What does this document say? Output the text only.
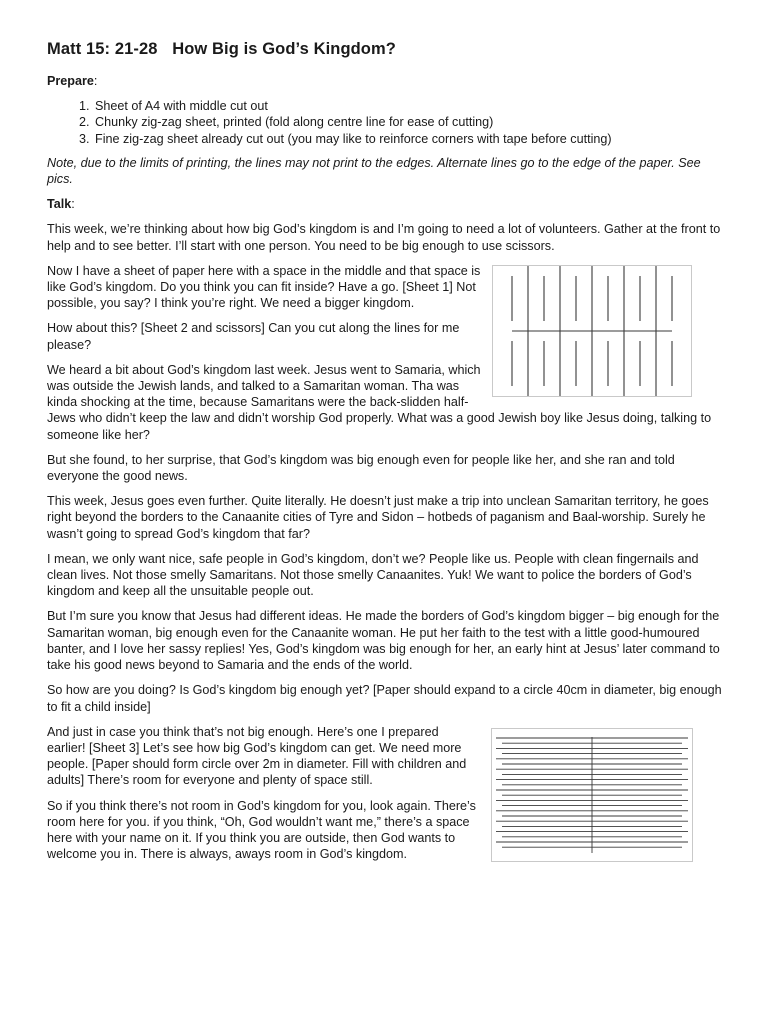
Matt 15: 21-28 How Big is God’s Kingdom?

Prepare:

1. Sheet of A4 with middle cut out
2. Chunky zig-zag sheet, printed (fold along centre line for ease of cutting)
3. Fine zig-zag sheet already cut out (you may like to reinforce corners with tape before cutting)

Note, due to the limits of printing, the lines may not print to the edges. Alternate lines go to the edge of the paper. See pics.

Talk:

This week, we’re thinking about how big God’s kingdom is and I’m going to need a lot of volunteers. Gather at the front to help and to see better. I’ll start with one person. You need to be big enough to use scissors.

Now I have a sheet of paper here with a space in the middle and that space is like God’s kingdom. Do you think you can fit inside? Have a go. [Sheet 1] Not possible, you say? I think you’re right. We need a bigger kingdom.

How about this? [Sheet 2 and scissors] Can you cut along the lines for me please?

We heard a bit about God’s kingdom last week. Jesus went to Samaria, which was outside the Jewish lands, and talked to a Samaritan woman. Tha was kinda shocking at the time, because Samaritans were the back-slidden half-Jews who didn’t keep the law and didn’t worship God properly. What was a good Jewish boy like Jesus doing, talking to someone like her?

But she found, to her surprise, that God’s kingdom was big enough even for people like her, and she ran and told everyone the good news.

This week, Jesus goes even further. Quite literally. He doesn’t just make a trip into unclean Samaritan territory, he goes right beyond the borders to the Canaanite cities of Tyre and Sidon – hotbeds of paganism and Baal-worship. Surely he wasn’t going to spread God’s kingdom that far?

I mean, we only want nice, safe people in God’s kingdom, don’t we? People like us. People with clean fingernails and clean lives. Not those smelly Samaritans. Not those smelly Canaanites. Yuk! We want to police the borders of God’s kingdom and keep all the unsuitable people out.

But I’m sure you know that Jesus had different ideas. He made the borders of God’s kingdom bigger – big enough for the Samaritan woman, big enough even for the Canaanite woman. He put her faith to the test with a little good-humoured banter, and I love her sassy replies! Yes, God’s kingdom was big enough for her, an early hint at Jesus’ later command to take his good news beyond to Samaria and the ends of the world.

So how are you doing? Is God’s kingdom big enough yet? [Paper should expand to a circle 40cm in diameter, big enough to fit a child inside]

And just in case you think that’s not big enough. Here’s one I prepared earlier! [Sheet 3] Let’s see how big God’s kingdom can get. We need more people. [Paper should form circle over 2m in diameter. Fill with children and adults] There’s room for everyone and plenty of space still.

So if you think there’s not room in God’s kingdom for you, look again. There’s room here for you. if you think, “Oh, God wouldn’t want me,” there’s a space here with your name on it. If you think you are outside, then God wants to welcome you in. There is always, aways room in God’s kingdom.
